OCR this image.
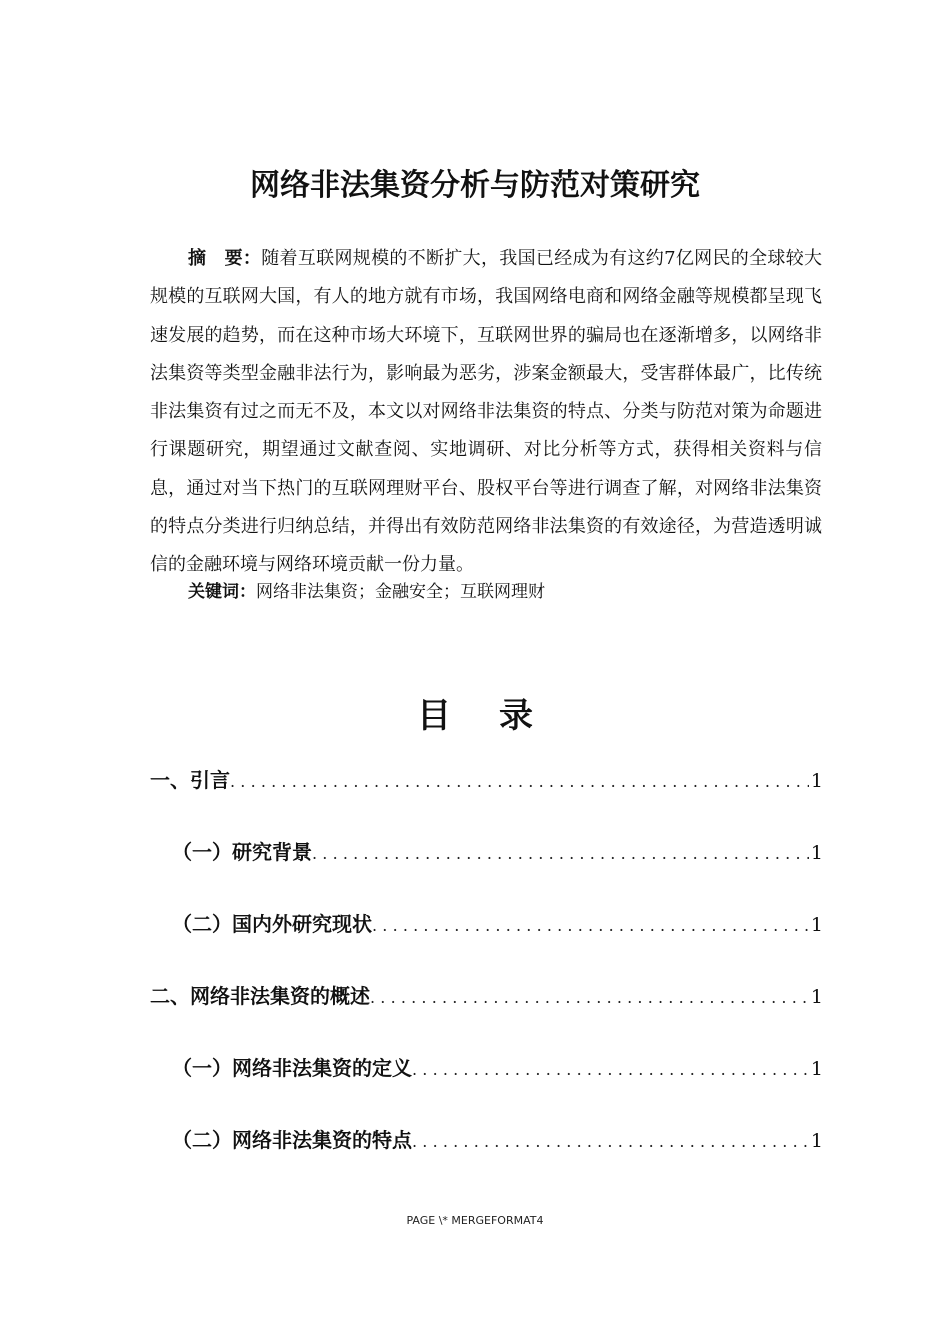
网络非法集资分析与防范对策研究

摘　要：随着互联网规模的不断扩大，我国已经成为有这约7亿网民的全球较大规模的互联网大国，有人的地方就有市场，我国网络电商和网络金融等规模都呈现飞速发展的趋势，而在这种市场大环境下，互联网世界的骗局也在逐渐增多，以网络非法集资等类型金融非法行为，影响最为恶劣，涉案金额最大，受害群体最广，比传统非法集资有过之而无不及，本文以对网络非法集资的特点、分类与防范对策为命题进行课题研究，期望通过文献查阅、实地调研、对比分析等方式，获得相关资料与信息，通过对当下热门的互联网理财平台、股权平台等进行调查了解，对网络非法集资的特点分类进行归纳总结，并得出有效防范网络非法集资的有效途径，为营造透明诚信的金融环境与网络环境贡献一份力量。

关键词：网络非法集资；金融安全；互联网理财
目 录
一、引言 .....	1
（一）研究背景 .....	1
（二）国内外研究现状 .....	1
二、网络非法集资的概述 .....	1
（一）网络非法集资的定义 .....	1
（二）网络非法集资的特点 .....	1
PAGE \* MERGEFORMAT4
